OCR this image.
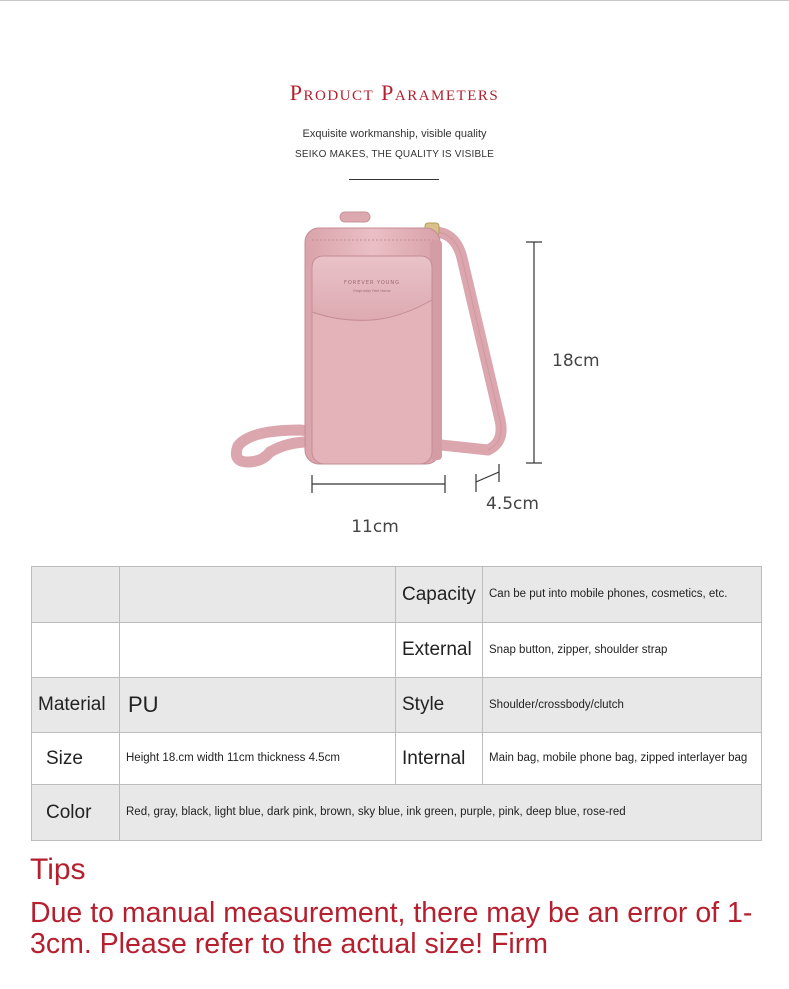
Product Parameters
Exquisite workmanship, visible quality
SEIKO MAKES, THE QUALITY IS VISIBLE
FOREVER YOUNG
Originality Feel Honor
18cm
11cm
4.5cm
		Capacity	Can be put into mobile phones, cosmetics, etc.
		External	Snap button, zipper, shoulder strap
Material	PU	Style	Shoulder/crossbody/clutch
Size	Height 18.cm width 11cm thickness 4.5cm	Internal	Main bag, mobile phone bag, zipped interlayer bag
Color	Red, gray, black, light blue, dark pink, brown, sky blue, ink green, purple, pink, deep blue, rose-red		
Tips
Due to manual measurement, there may be an error of 1-3cm. Please refer to the actual size! Firm
